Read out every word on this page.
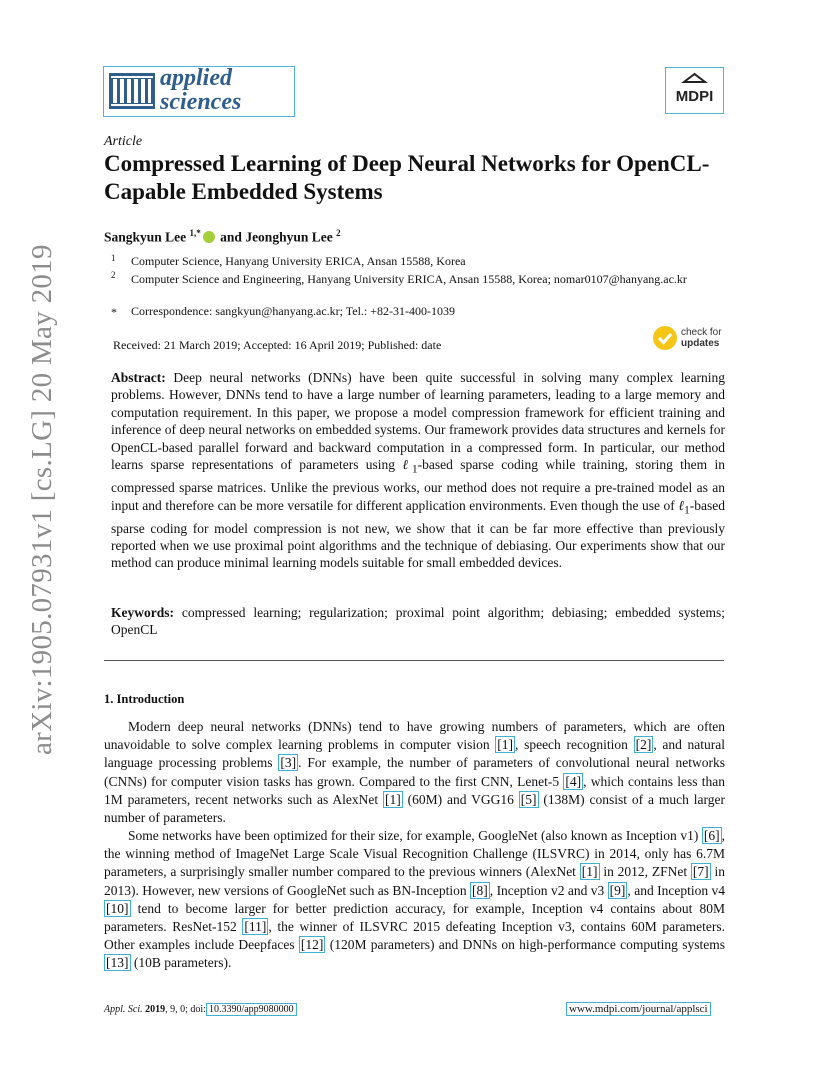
applied
sciences	MDPI
arXiv:1905.07931v1 [cs.LG] 20 May 2019
Article
Compressed Learning of Deep Neural Networks for OpenCL-Capable Embedded Systems
Sangkyun Lee $^{1,*}$ and Jeonghyun Lee $^2$
1 Computer Science, Hanyang University ERICA, Ansan 15588, Korea
2 Computer Science and Engineering, Hanyang University ERICA, Ansan 15588, Korea; nomar0107@hanyang.ac.kr
* Correspondence: sangkyun@hanyang.ac.kr; Tel.: +82-31-400-1039
Received: 21 March 2019; Accepted: 16 April 2019; Published: date
check for
updates
Abstract: Deep neural networks (DNNs) have been quite successful in solving many complex learning problems. However, DNNs tend to have a large number of learning parameters, leading to a large memory and computation requirement. In this paper, we propose a model compression framework for efficient training and inference of deep neural networks on embedded systems. Our framework provides data structures and kernels for OpenCL-based parallel forward and backward computation in a compressed form. In particular, our method learns sparse representations of parameters using ℓ$_1$-based sparse coding while training, storing them in compressed sparse matrices. Unlike the previous works, our method does not require a pre-trained model as an input and therefore can be more versatile for different application environments. Even though the use of ℓ$_1$-based sparse coding for model compression is not new, we show that it can be far more effective than previously reported when we use proximal point algorithms and the technique of debiasing. Our experiments show that our method can produce minimal learning models suitable for small embedded devices.
Keywords: compressed learning; regularization; proximal point algorithm; debiasing; embedded systems; OpenCL
1. Introduction

Modern deep neural networks (DNNs) tend to have growing numbers of parameters, which are often unavoidable to solve complex learning problems in computer vision [1] , speech recognition [2] , and natural language processing problems [3] . For example, the number of parameters of convolutional neural networks (CNNs) for computer vision tasks has grown. Compared to the first CNN, Lenet-5 [4] , which contains less than 1M parameters, recent networks such as AlexNet [1] (60M) and VGG16 [5] (138M) consist of a much larger number of parameters.

Some networks have been optimized for their size, for example, GoogleNet (also known as Inception v1) [6] , the winning method of ImageNet Large Scale Visual Recognition Challenge (ILSVRC) in 2014, only has 6.7M parameters, a surprisingly smaller number compared to the previous winners (AlexNet [1] in 2012, ZFNet [7] in 2013). However, new versions of GoogleNet such as BN-Inception [8] , Inception v2 and v3 [9] , and Inception v4 [10] tend to become larger for better prediction accuracy, for example, Inception v4 contains about 80M parameters. ResNet-152 [11] , the winner of ILSVRC 2015 defeating Inception v3, contains 60M parameters. Other examples include Deepfaces [12] (120M parameters) and DNNs on high-performance computing systems [13] (10B parameters).

Appl. Sci. 2019, 9, 0; doi: 10.3390/app9080000	www.mdpi.com/journal/applsci
